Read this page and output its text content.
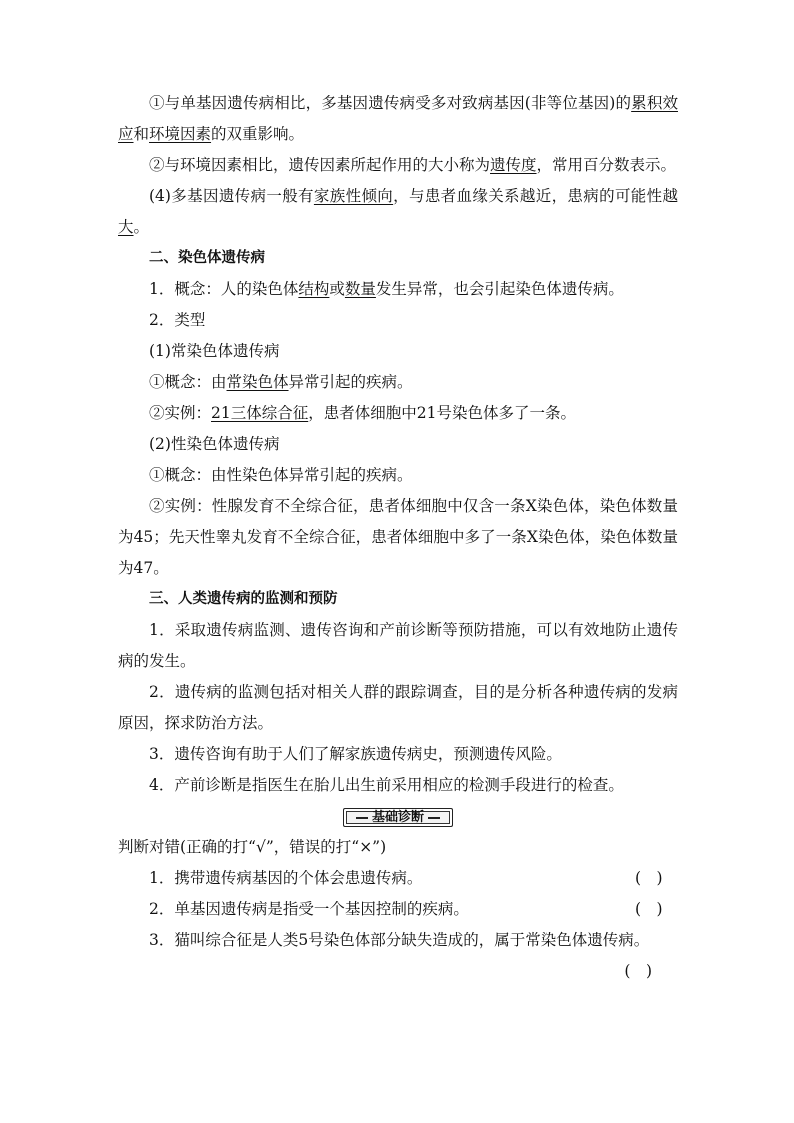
①与单基因遗传病相比，多基因遗传病受多对致病基因(非等位基因)的累积效应和环境因素的双重影响。

②与环境因素相比，遗传因素所起作用的大小称为遗传度，常用百分数表示。

(4)多基因遗传病一般有家族性倾向，与患者血缘关系越近，患病的可能性越大。

二、染色体遗传病

1．概念：人的染色体结构或数量发生异常，也会引起染色体遗传病。

2．类型

(1)常染色体遗传病

①概念：由常染色体异常引起的疾病。

②实例：21三体综合征，患者体细胞中21号染色体多了一条。

(2)性染色体遗传病

①概念：由性染色体异常引起的疾病。

②实例：性腺发育不全综合征，患者体细胞中仅含一条X染色体，染色体数量为45；先天性睾丸发育不全综合征，患者体细胞中多了一条X染色体，染色体数量为47。

三、人类遗传病的监测和预防

1．采取遗传病监测、遗传咨询和产前诊断等预防措施，可以有效地防止遗传病的发生。

2．遗传病的监测包括对相关人群的跟踪调查，目的是分析各种遗传病的发病原因，探求防治方法。

3．遗传咨询有助于人们了解家族遗传病史，预测遗传风险。

4．产前诊断是指医生在胎儿出生前采用相应的检测手段进行的检查。

基础诊断

判断对错(正确的打“√”，错误的打“×”)

1．携带遗传病基因的个体会患遗传病。	(　)
2．单基因遗传病是指受一个基因控制的疾病。	(　)

3．猫叫综合征是人类5号染色体部分缺失造成的，属于常染色体遗传病。

(　)
